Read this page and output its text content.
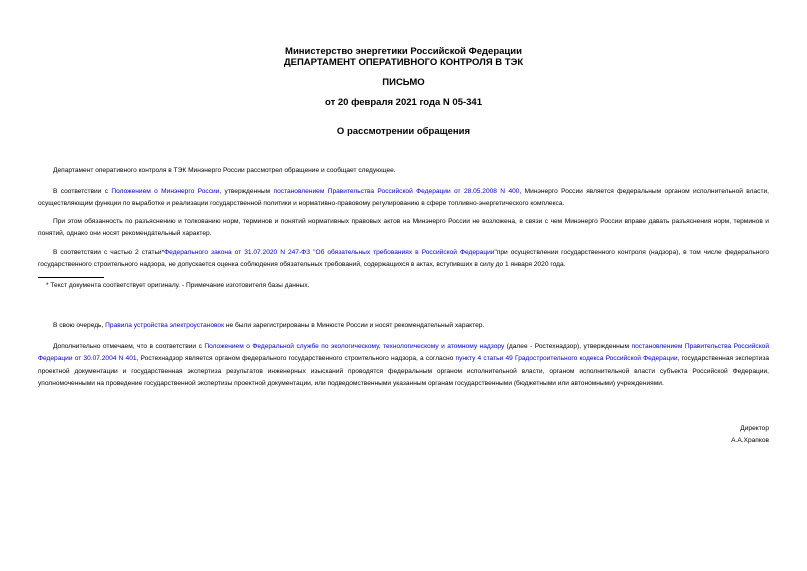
Министерство энергетики Российской Федерации
ДЕПАРТАМЕНТ ОПЕРАТИВНОГО КОНТРОЛЯ В ТЭК
ПИСЬМО
от 20 февраля 2021 года N 05-341
О рассмотрении обращения

Департамент оперативного контроля в ТЭК Минэнерго России рассмотрел обращение и сообщает следующее.

В соответствии с Положением о Минэнерго России, утвержденным постановлением Правительства Российской Федерации от 28.05.2008 N 400, Минэнерго России является федеральным органом исполнительной власти, осуществляющим функции по выработке и реализации государственной политики и нормативно-правовому регулированию в сфере топливно-энергетического комплекса.

При этом обязанность по разъяснению и толкованию норм, терминов и понятий нормативных правовых актов на Минэнерго России не возложена, в связи с чем Минэнерго России вправе давать разъяснения норм, терминов и понятий, однако они носят рекомендательный характер.

В соответствии с частью 2 статьи*Федерального закона от 31.07.2020 N 247-ФЗ "Об обязательных требованиях в Российской Федерации"при осуществлении государственного контроля (надзора), в том числе федерального государственного строительного надзора, не допускается оценка соблюдения обязательных требований, содержащихся в актах, вступивших в силу до 1 января 2020 года.

* Текст документа соответствует оригиналу. - Примечание изготовителя базы данных.

В свою очередь, Правила устройства электроустановок не были зарегистрированы в Минюсте России и носят рекомендательный характер.

Дополнительно отмечаем, что в соответствии с Положением о Федеральной службе по экологическому, технологическому и атомному надзору (далее - Ростехнадзор), утвержденным постановлением Правительства Российской Федерации от 30.07.2004 N 401, Ростехнадзор является органом федерального государственного строительного надзора, а согласно пункту 4 статьи 49 Градостроительного кодекса Российской Федерации, государственная экспертиза проектной документации и государственная экспертиза результатов инженерных изысканий проводятся федеральным органом исполнительной власти, органом исполнительной власти субъекта Российской Федерации, уполномоченными на проведение государственной экспертизы проектной документации, или подведомственными указанным органам государственными (бюджетными или автономными) учреждениями.

Директор
А.А.Храпков
